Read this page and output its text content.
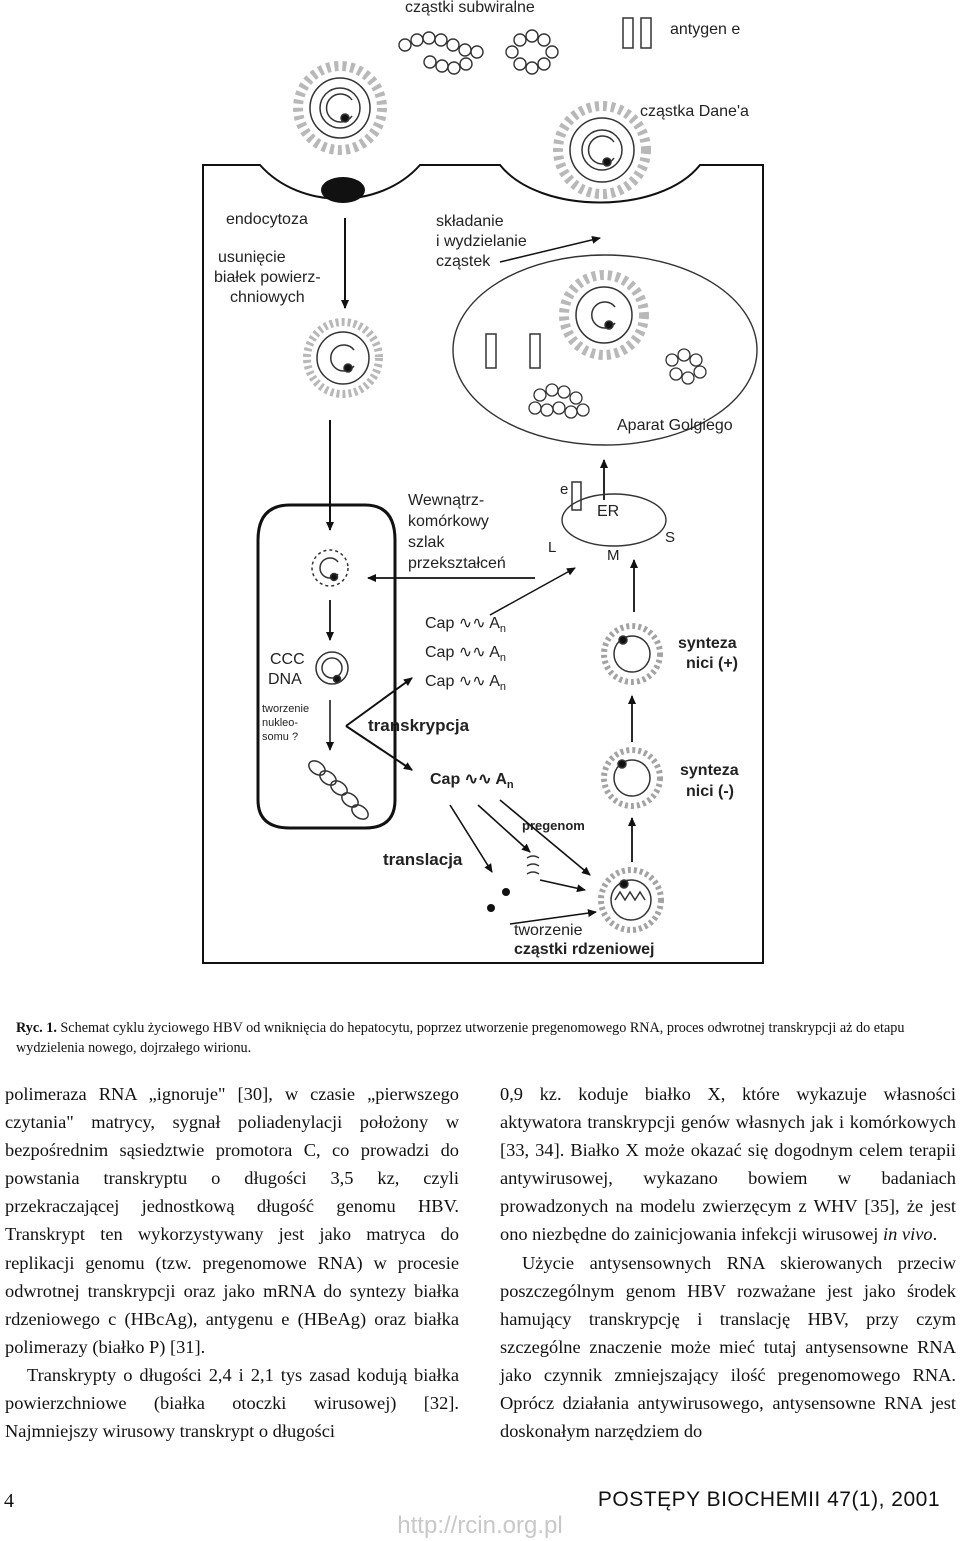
cząstki subwiralne
antygen e
cząstka Dane'a
endocytoza
usunięcie
białek powierz-
chniowych
składanie
i wydzielanie
cząstek
Aparat Golgiego
CCC
DNA
tworzenie
nukleo-
somu ?
Wewnątrz-
komórkowy
szlak
przekształceń
e
ER
L	M
S
Cap ∿∿ $A_n$
Cap ∿∿ $A_n$
Cap ∿∿ $A_n$
transkrypcja
Cap ∿∿ $A_n$
synteza
nici (+)
synteza
nici (-)
pregenom
translacja
tworzenie
cząstki rdzeniowej
Ryc. 1. Schemat cyklu życiowego HBV od wniknięcia do hepatocytu, poprzez utworzenie pregenomowego RNA, proces odwrotnej transkrypcji aż do etapu wydzielenia nowego, dojrzałego wirionu.

polimeraza RNA „ignoruje" [30], w czasie „pierwszego czytania" matrycy, sygnał poliadenylacji położony w bezpośrednim sąsiedztwie promotora C, co prowadzi do powstania transkryptu o długości 3,5 kz, czyli przekraczającej jednostkową długość genomu HBV. Transkrypt ten wykorzystywany jest jako matryca do replikacji genomu (tzw. pregenomowe RNA) w procesie odwrotnej transkrypcji oraz jako mRNA do syntezy białka rdzeniowego c (HBcAg), antygenu e (HBeAg) oraz białka polimerazy (białko P) [31].

Transkrypty o długości 2,4 i 2,1 tys zasad kodują białka powierzchniowe (białka otoczki wirusowej) [32]. Najmniejszy wirusowy transkrypt o długości

0,9 kz. koduje białko X, które wykazuje własności aktywatora transkrypcji genów własnych jak i komórkowych [33, 34]. Białko X może okazać się dogodnym celem terapii antywirusowej, wykazano bowiem w badaniach prowadzonych na modelu zwierzęcym z WHV [35], że jest ono niezbędne do zainicjowania infekcji wirusowej in vivo.

Użycie antysensownych RNA skierowanych przeciw poszczególnym genom HBV rozważane jest jako środek hamujący transkrypcję i translację HBV, przy czym szczególne znaczenie może mieć tutaj antysensowne RNA jako czynnik zmniejszający ilość pregenomowego RNA. Oprócz działania antywirusowego, antysensowne RNA jest doskonałym narzędziem do

4	POSTĘPY BIOCHEMII 47(1), 2001
http://rcin.org.pl
